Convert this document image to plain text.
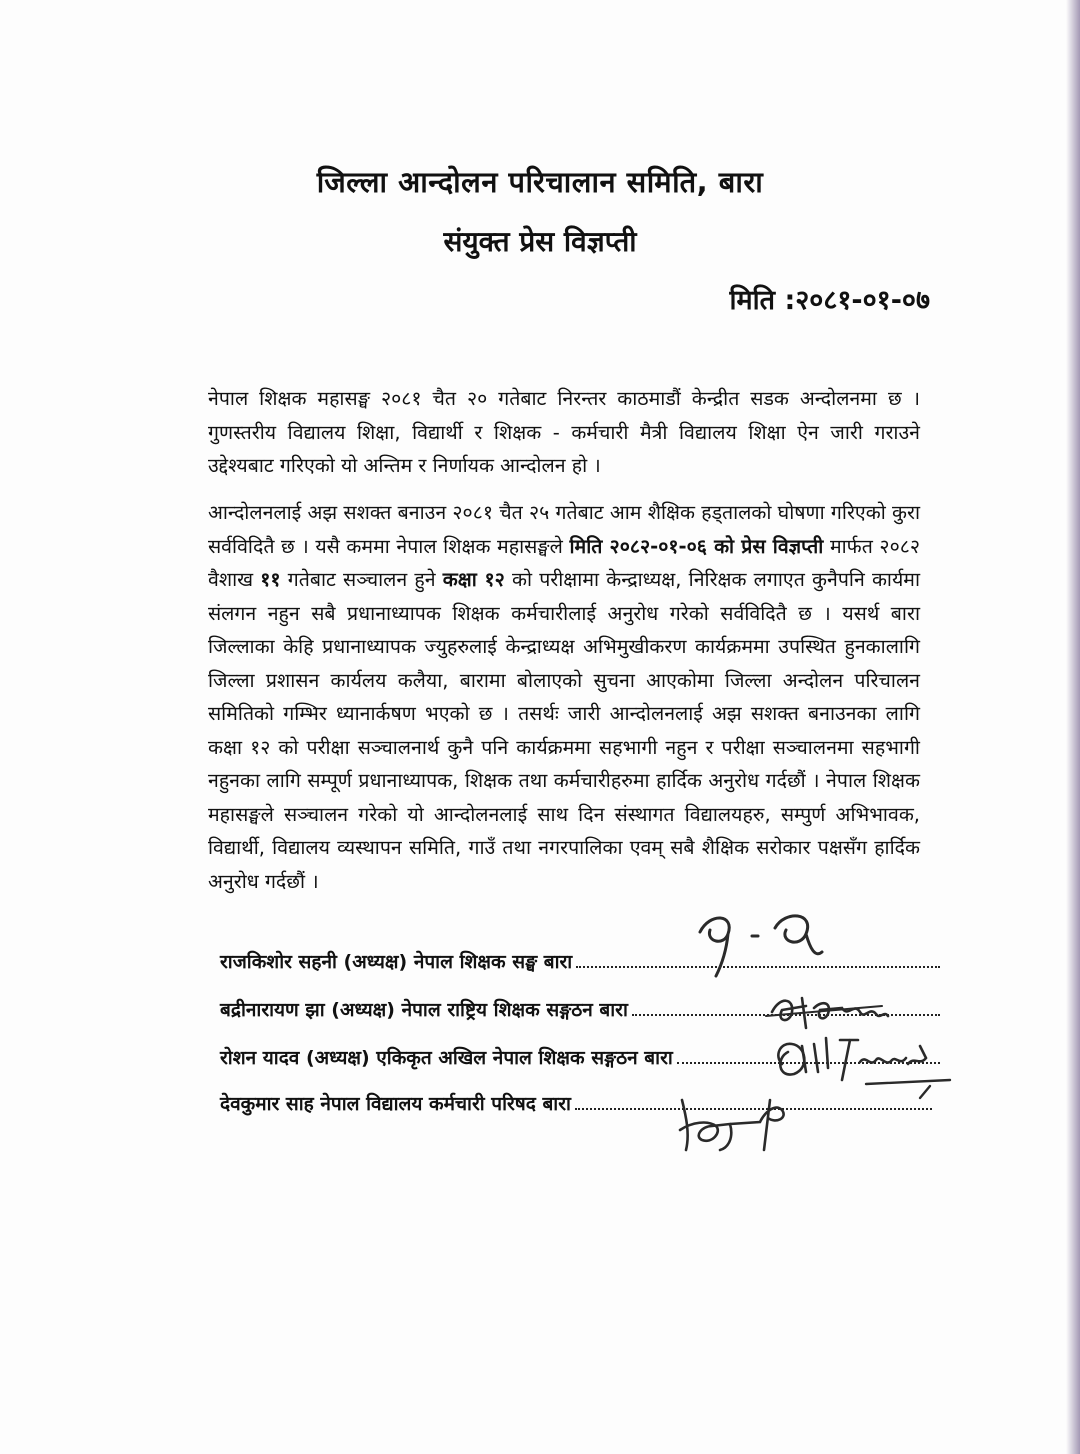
जिल्ला आन्दोलन परिचालान समिति, बारा
संयुक्त प्रेस विज्ञप्ती
मिति :२०८१-०१-०७
नेपाल शिक्षक महासङ्घ २०८१ चैत २० गतेबाट निरन्तर काठमाडौं केन्द्रीत सडक अन्दोलनमा छ । गुणस्तरीय विद्यालय शिक्षा, विद्यार्थी र शिक्षक - कर्मचारी मैत्री विद्यालय शिक्षा ऐन जारी गराउने उद्देश्यबाट गरिएको यो अन्तिम र निर्णायक आन्दोलन हो ।
आन्दोलनलाई अझ सशक्त बनाउन २०८१ चैत २५ गतेबाट आम शैक्षिक हड्तालको घोषणा गरिएको कुरा सर्वविदितै छ । यसै कममा नेपाल शिक्षक महासङ्घले मिति २०८२-०१-०६ को प्रेस विज्ञप्ती मार्फत २०८२ वैशाख ११ गतेबाट सञ्चालन हुने कक्षा १२ को परीक्षामा केन्द्राध्यक्ष, निरिक्षक लगाएत कुनैपनि कार्यमा संलगन नहुन सबै प्रधानाध्यापक शिक्षक कर्मचारीलाई अनुरोध गरेको सर्वविदितै छ । यसर्थ बारा जिल्लाका केहि प्रधानाध्यापक ज्युहरुलाई केन्द्राध्यक्ष अभिमुखीकरण कार्यक्रममा उपस्थित हुनकालागि जिल्ला प्रशासन कार्यलय कलैया, बारामा बोलाएको सुचना आएकोमा जिल्ला अन्दोलन परिचालन समितिको गम्भिर ध्यानार्कषण भएको छ । तसर्थः जारी आन्दोलनलाई अझ सशक्त बनाउनका लागि कक्षा १२ को परीक्षा सञ्चालनार्थ कुनै पनि कार्यक्रममा सहभागी नहुन र परीक्षा सञ्चालनमा सहभागी नहुनका लागि सम्पूर्ण प्रधानाध्यापक, शिक्षक तथा कर्मचारीहरुमा हार्दिक अनुरोध गर्दछौं । नेपाल शिक्षक महासङ्घले सञ्चालन गरेको यो आन्दोलनलाई साथ दिन संस्थागत विद्यालयहरु, सम्पुर्ण अभिभावक, विद्यार्थी, विद्यालय व्यस्थापन समिति, गाउँ तथा नगरपालिका एवम् सबै शैक्षिक सरोकार पक्षसँग हार्दिक अनुरोध गर्दछौं ।
राजकिशोर सहनी (अध्यक्ष) नेपाल शिक्षक सङ्घ बारा
बद्रीनारायण झा (अध्यक्ष) नेपाल राष्ट्रिय शिक्षक सङ्गठन बारा
रोशन यादव (अध्यक्ष) एकिकृत अखिल नेपाल शिक्षक सङ्गठन बारा
देवकुमार साह नेपाल विद्यालय कर्मचारी परिषद बारा
